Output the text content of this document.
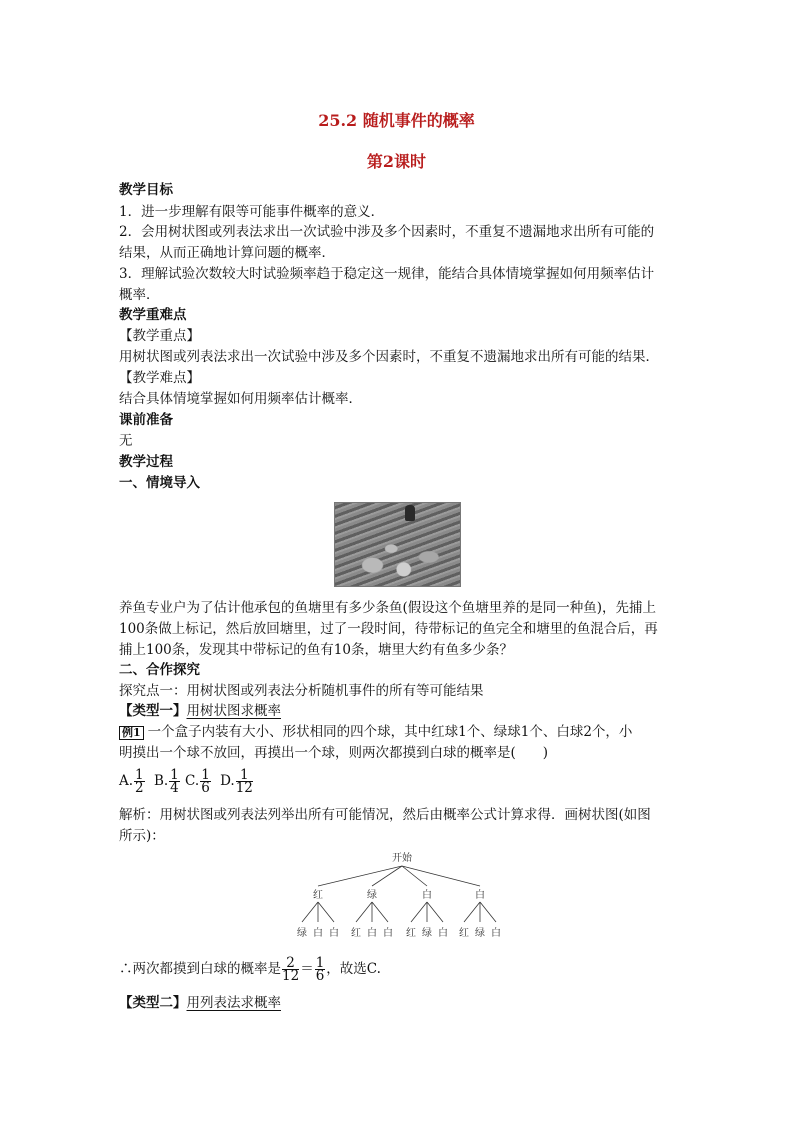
25.2 随机事件的概率
第2课时
教学目标
1．进一步理解有限等可能事件概率的意义．
2．会用树状图或列表法求出一次试验中涉及多个因素时，不重复不遗漏地求出所有可能的
结果，从而正确地计算问题的概率．
3．理解试验次数较大时试验频率趋于稳定这一规律，能结合具体情境掌握如何用频率估计
概率．
教学重难点
【教学重点】
用树状图或列表法求出一次试验中涉及多个因素时，不重复不遗漏地求出所有可能的结果．
【教学难点】
结合具体情境掌握如何用频率估计概率．
课前准备
无
教学过程
一、情境导入
养鱼专业户为了估计他承包的鱼塘里有多少条鱼(假设这个鱼塘里养的是同一种鱼)，先捕上
100条做上标记，然后放回塘里，过了一段时间，待带标记的鱼完全和塘里的鱼混合后，再
捕上100条，发现其中带标记的鱼有10条，塘里大约有鱼多少条？
二、合作探究
探究点一：用树状图或列表法分析随机事件的所有等可能结果
【类型一】用树状图求概率
例1 一个盒子内装有大小、形状相同的四个球，其中红球1个、绿球1个、白球2个，小
明摸出一个球不放回，再摸出一个球，则两次都摸到白球的概率是(　　)
A. $\frac{1}{2} B$. $\frac{1}{4} C$. $\frac{1}{6} D$. $\frac{1}{12}$
解析：用树状图或列表法列举出所有可能情况，然后由概率公式计算求得．画树状图(如图
所示)：
开始
红	绿	白	白
绿 白 白 红 白 白 红 绿 白 红 绿 白
∴两次都摸到白球的概率是 $\frac{2}{12} = \frac{1}{6}$ ，故选C.
【类型二】用列表法求概率
